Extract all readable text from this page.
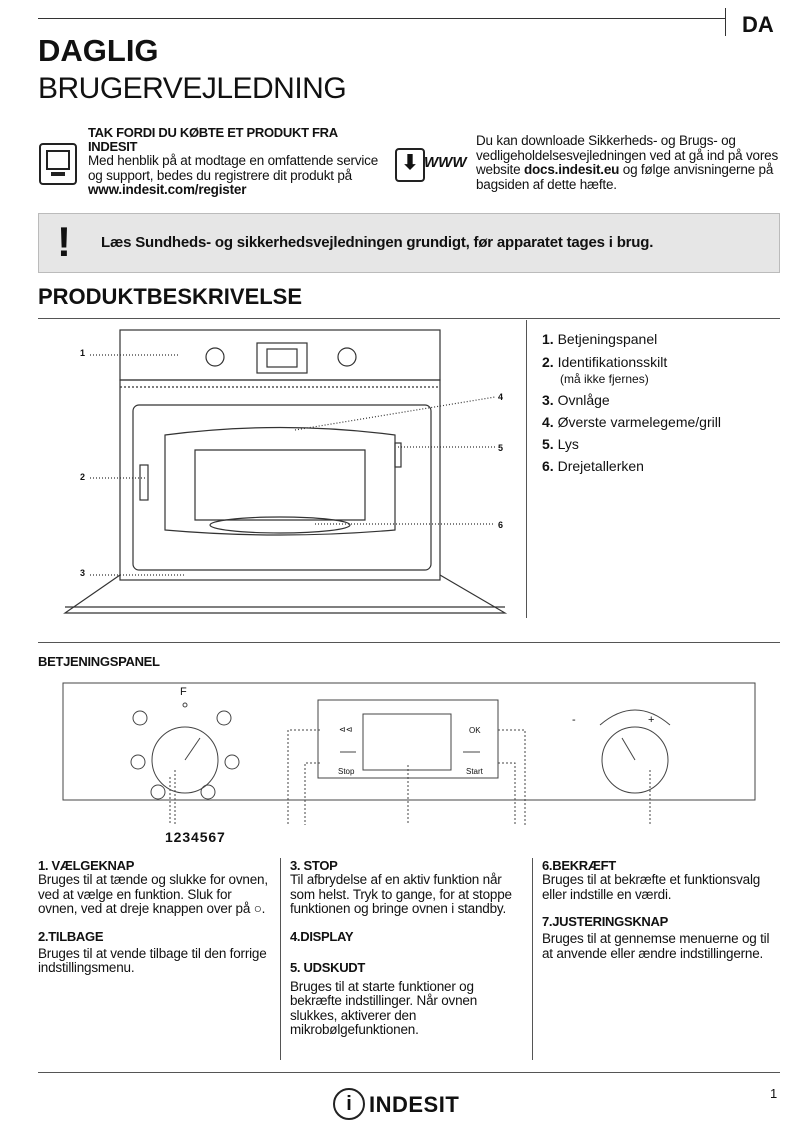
DA
DAGLIG
BRUGERVEJLEDNING
TAK FORDI DU KØBTE ET PRODUKT FRA INDESIT
Med henblik på at modtage en omfattende service og support, bedes du registrere dit produkt på www.indesit.com/register
⬇ WWW
Du kan downloade Sikkerheds- og Brugs- og vedligeholdelsesvejledningen ved at gå ind på vores website docs.indesit.eu og følge anvisningerne på bagsiden af dette hæfte.
! Læs Sundheds- og sikkerhedsvejledningen grundigt, før apparatet tages i brug.
PRODUKTBESKRIVELSE
1
2
3
4
5
6
1. Betjeningspanel
2. Identifikationsskilt
(må ikke fjernes)
3. Ovnlåge
4. Øverste varmelegeme/grill
5. Lys
6. Drejetallerken
BETJENINGSPANEL
F
⊲⊲
Stop
OK
Start
-	+
1 2 3 4 5 6 7
1. VÆLGEKNAP
Bruges til at tænde og slukke for ovnen, ved at vælge en funktion. Sluk for ovnen, ved at dreje knappen over på ○.
2.TILBAGE
Bruges til at vende tilbage til den forrige indstillingsmenu.
3. STOP
Til afbrydelse af en aktiv funktion når som helst. Tryk to gange, for at stoppe funktionen og bringe ovnen i standby.
4.DISPLAY
5. UDSKUDT
Bruges til at starte funktioner og bekræfte indstillinger. Når ovnen slukkes, aktiverer den mikrobølgefunktionen.
6.BEKRÆFT
Bruges til at bekræfte et funktionsvalg eller indstille en værdi.
7.JUSTERINGSKNAP
Bruges til at gennemse menuerne og til at anvende eller ændre indstillingerne.
1
i INDESIT
